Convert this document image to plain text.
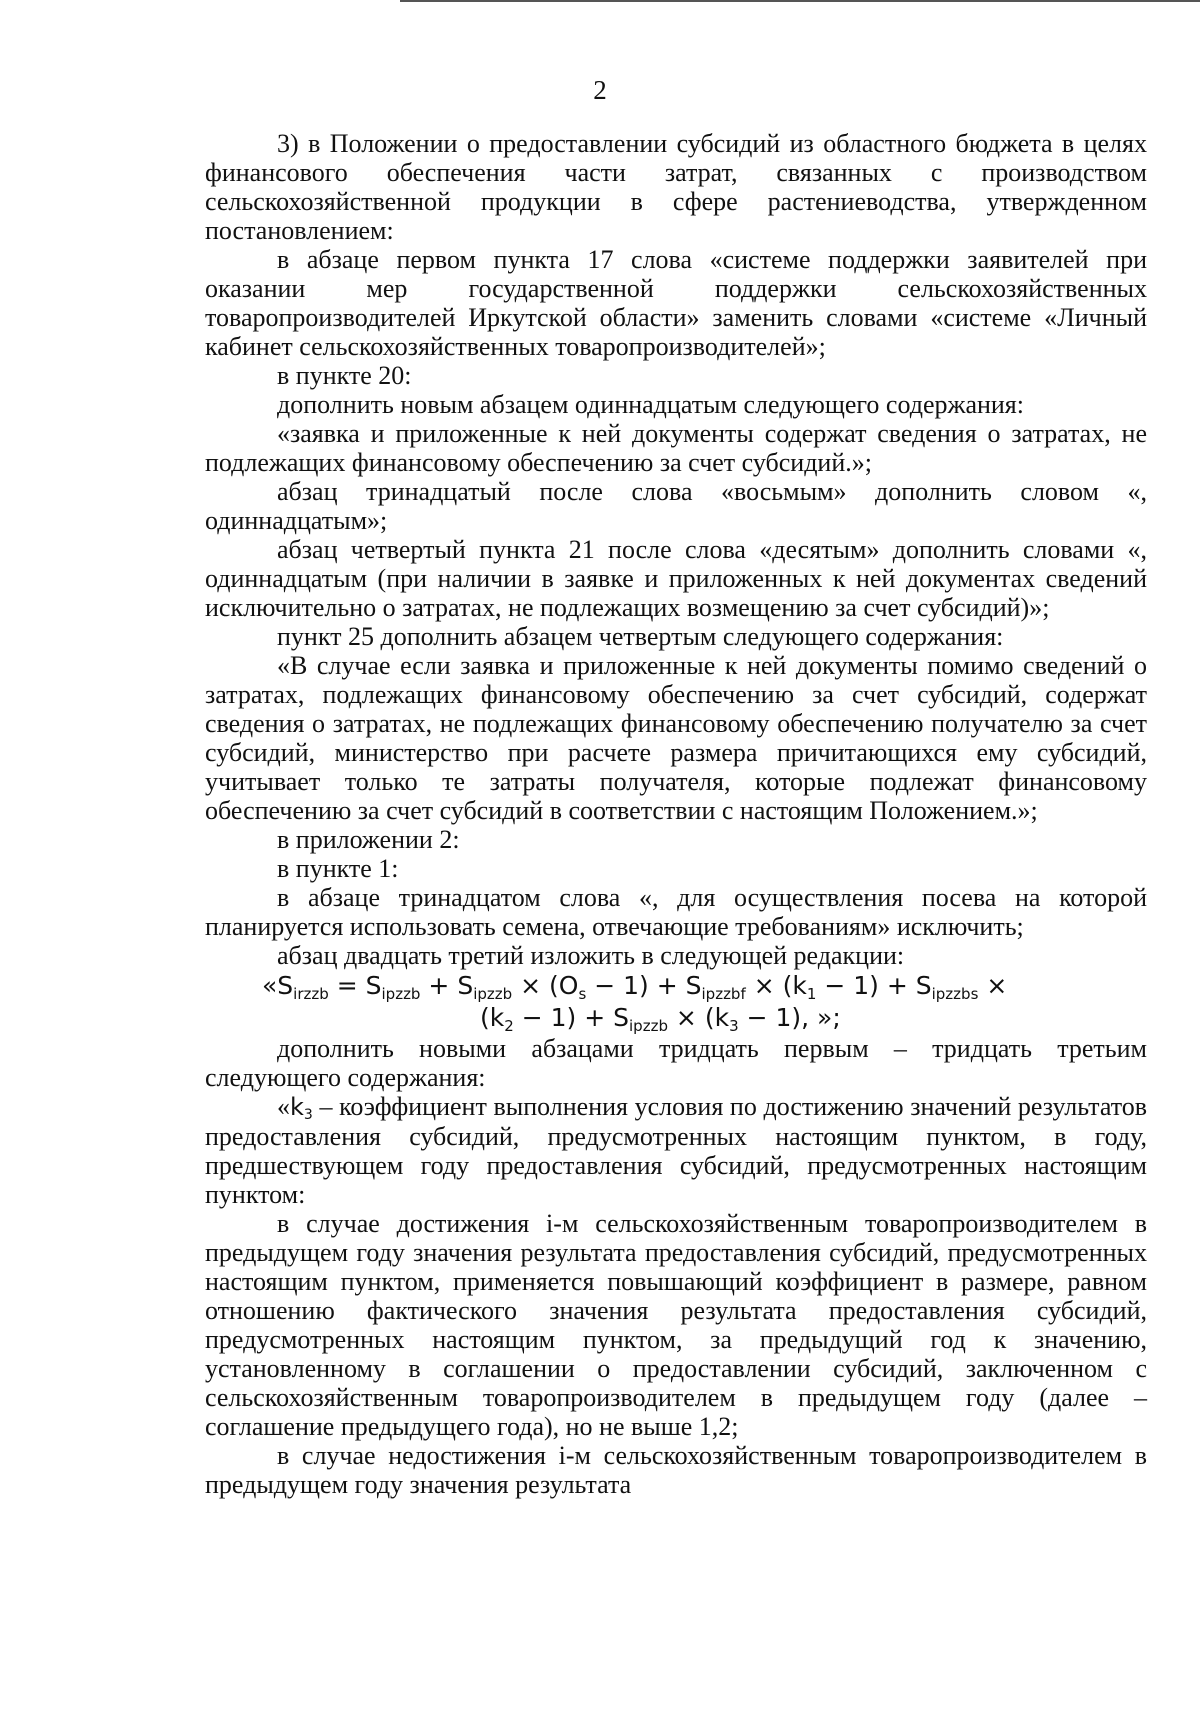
2

3) в Положении о предоставлении субсидий из областного бюджета в целях финансового обеспечения части затрат, связанных с производством сельскохозяйственной продукции в сфере растениеводства, утвержденном постановлением:

в абзаце первом пункта 17 слова «системе поддержки заявителей при оказании мер государственной поддержки сельскохозяйственных товаропроизводителей Иркутской области» заменить словами «системе «Личный кабинет сельскохозяйственных товаропроизводителей»;

в пункте 20:

дополнить новым абзацем одиннадцатым следующего содержания:

«заявка и приложенные к ней документы содержат сведения о затратах, не подлежащих финансовому обеспечению за счет субсидий.»;

абзац тринадцатый после слова «восьмым» дополнить словом «, одиннадцатым»;

абзац четвертый пункта 21 после слова «десятым» дополнить словами «, одиннадцатым (при наличии в заявке и приложенных к ней документах сведений исключительно о затратах, не подлежащих возмещению за счет субсидий)»;

пункт 25 дополнить абзацем четвертым следующего содержания:

«В случае если заявка и приложенные к ней документы помимо сведений о затратах, подлежащих финансовому обеспечению за счет субсидий, содержат сведения о затратах, не подлежащих финансовому обеспечению получателю за счет субсидий, министерство при расчете размера причитающихся ему субсидий, учитывает только те затраты получателя, которые подлежат финансовому обеспечению за счет субсидий в соответствии с настоящим Положением.»;

в приложении 2:

в пункте 1:

в абзаце тринадцатом слова «, для осуществления посева на которой планируется использовать семена, отвечающие требованиям» исключить;

абзац двадцать третий изложить в следующей редакции:

«$S_{irzzb} = S_{ipzzb} + S_{ipzzb} \times (O_s - 1) + S_{ipzzbf} \times (k_1 - 1) + S_{ipzzbs}$ ×
$(k_2 - 1) + S_{ipzzb} \times (k_3 - 1)$, »;

дополнить новыми абзацами тридцать первым – тридцать третьим следующего содержания:

«$k_3$ – коэффициент выполнения условия по достижению значений результатов предоставления субсидий, предусмотренных настоящим пунктом, в году, предшествующем году предоставления субсидий, предусмотренных настоящим пунктом:

в случае достижения i-м сельскохозяйственным товаропроизводителем в предыдущем году значения результата предоставления субсидий, предусмотренных настоящим пунктом, применяется повышающий коэффициент в размере, равном отношению фактического значения результата предоставления субсидий, предусмотренных настоящим пунктом, за предыдущий год к значению, установленному в соглашении о предоставлении субсидий, заключенном с сельскохозяйственным товаропроизводителем в предыдущем году (далее – соглашение предыдущего года), но не выше 1,2;

в случае недостижения i-м сельскохозяйственным товаропроизводителем в предыдущем году значения результата
